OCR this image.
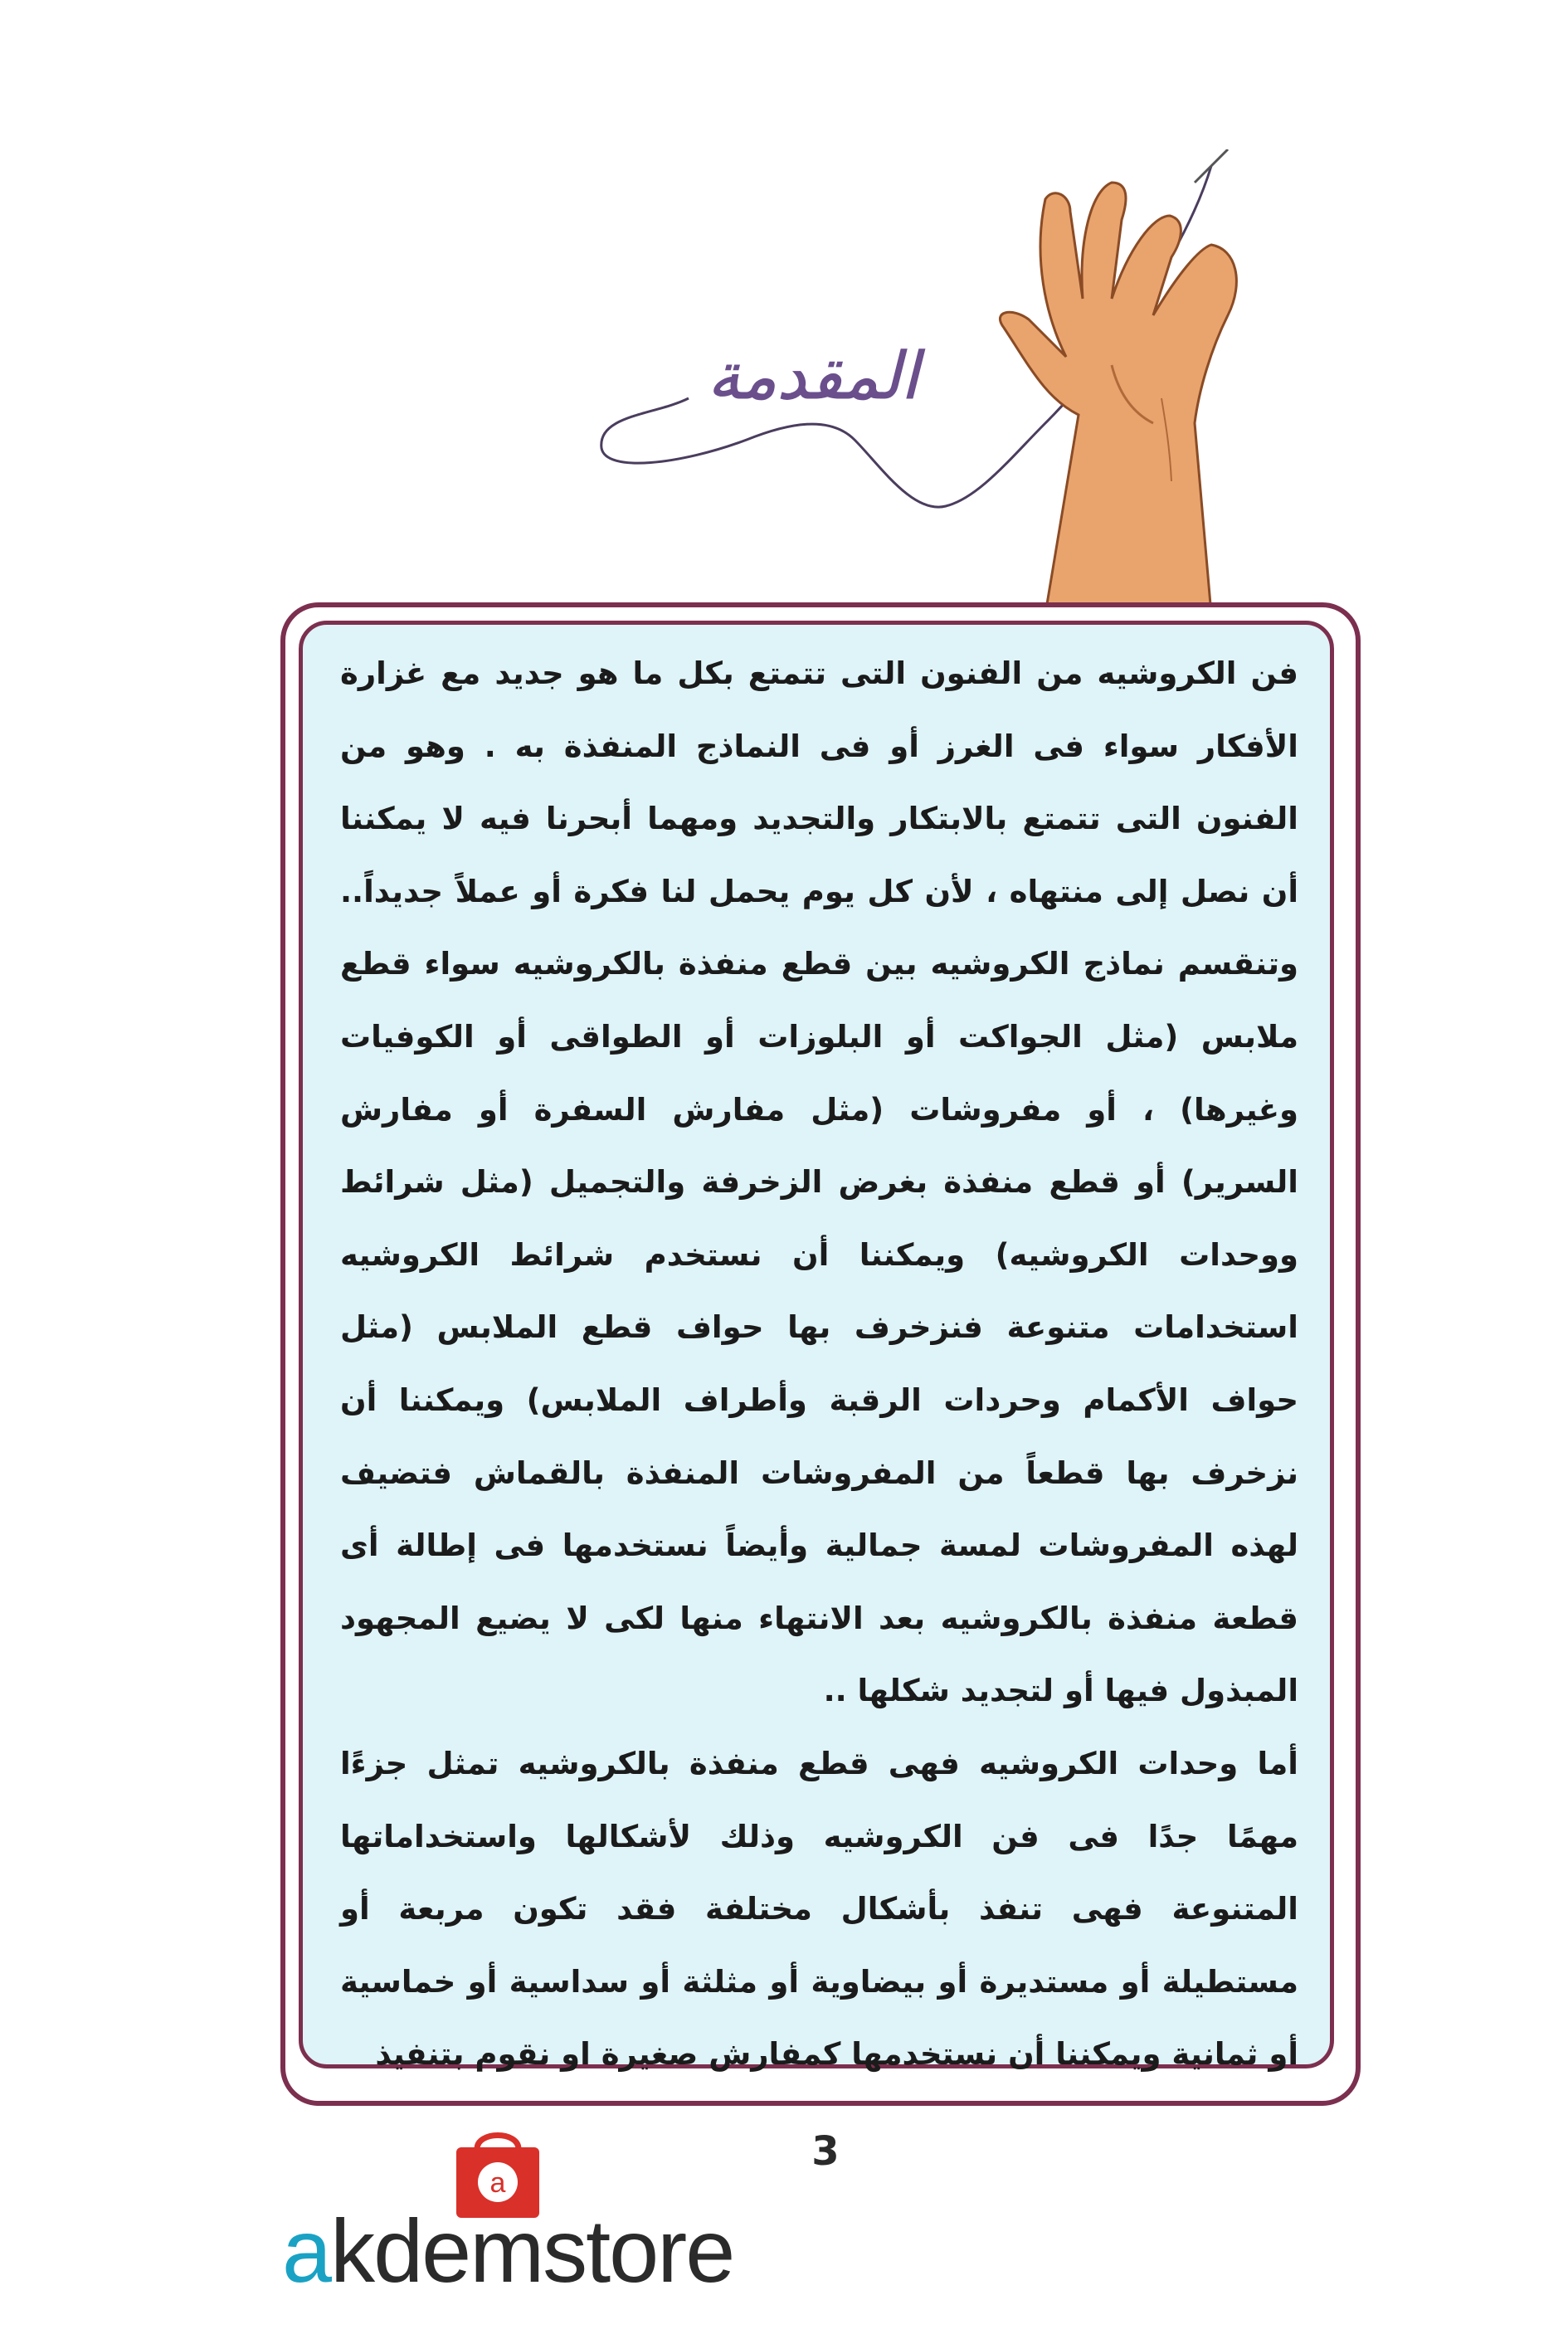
المقدمة

فن الكروشيه من الفنون التى تتمتع بكل ما هو جديد مع غزارة الأفكار سواء فى الغرز أو فى النماذج المنفذة به . وهو من الفنون التى تتمتع بالابتكار والتجديد ومهما أبحرنا فيه لا يمكننا أن نصل إلى منتهاه ، لأن كل يوم يحمل لنا فكرة أو عملاً جديداً.. وتنقسم نماذج الكروشيه بين قطع منفذة بالكروشيه سواء قطع ملابس (مثل الجواكت أو البلوزات أو الطواقى أو الكوفيات وغيرها) ، أو مفروشات (مثل مفارش السفرة أو مفارش السرير) أو قطع منفذة بغرض الزخرفة والتجميل (مثل شرائط ووحدات الكروشيه) ويمكننا أن نستخدم شرائط الكروشيه استخدامات متنوعة فنزخرف بها حواف قطع الملابس (مثل حواف الأكمام وحردات الرقبة وأطراف الملابس) ويمكننا أن نزخرف بها قطعاً من المفروشات المنفذة بالقماش فتضيف لهذه المفروشات لمسة جمالية وأيضاً نستخدمها فى إطالة أى قطعة منفذة بالكروشيه بعد الانتهاء منها لكى لا يضيع المجهود المبذول فيها أو لتجديد شكلها ..

أما وحدات الكروشيه فهى قطع منفذة بالكروشيه تمثل جزءًا مهمًا جدًا فى فن الكروشيه وذلك لأشكالها واستخداماتها المتنوعة فهى تنفذ بأشكال مختلفة فقد تكون مربعة أو مستطيلة أو مستديرة أو بيضاوية أو مثلثة أو سداسية أو خماسية أو ثمانية ويمكننا أن نستخدمها كمفارش صغيرة او نقوم بتنفيذ

3
a
akdemstore
